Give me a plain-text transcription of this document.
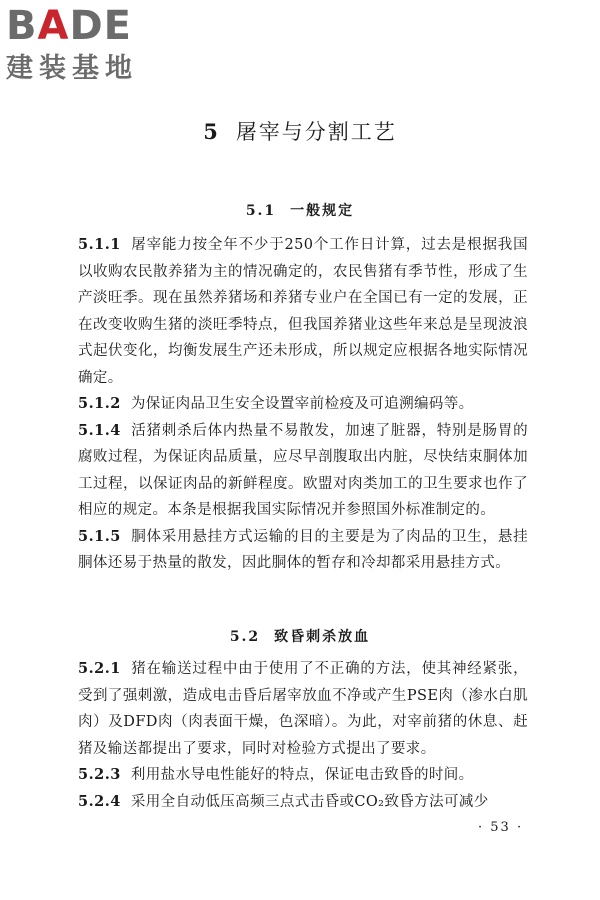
BADE
建装基地
5 屠宰与分割工艺
5.1 一般规定
5.1.1 屠宰能力按全年不少于250个工作日计算，过去是根据我国以收购农民散养猪为主的情况确定的，农民售猪有季节性，形成了生产淡旺季。现在虽然养猪场和养猪专业户在全国已有一定的发展，正在改变收购生猪的淡旺季特点，但我国养猪业这些年来总是呈现波浪式起伏变化，均衡发展生产还未形成，所以规定应根据各地实际情况确定。
5.1.2 为保证肉品卫生安全设置宰前检疫及可追溯编码等。
5.1.4 活猪刺杀后体内热量不易散发，加速了脏器，特别是肠胃的腐败过程，为保证肉品质量，应尽早剖腹取出内脏，尽快结束胴体加工过程，以保证肉品的新鲜程度。欧盟对肉类加工的卫生要求也作了相应的规定。本条是根据我国实际情况并参照国外标准制定的。
5.1.5 胴体采用悬挂方式运输的目的主要是为了肉品的卫生，悬挂胴体还易于热量的散发，因此胴体的暂存和冷却都采用悬挂方式。
5.2 致昏刺杀放血
5.2.1 猪在输送过程中由于使用了不正确的方法，使其神经紧张，受到了强刺激，造成电击昏后屠宰放血不净或产生PSE肉（渗水白肌肉）及DFD肉（肉表面干燥，色深暗）。为此，对宰前猪的休息、赶猪及输送都提出了要求，同时对检验方式提出了要求。
5.2.3 利用盐水导电性能好的特点，保证电击致昏的时间。
5.2.4 采用全自动低压高频三点式击昏或CO₂致昏方法可减少
· 53 ·
